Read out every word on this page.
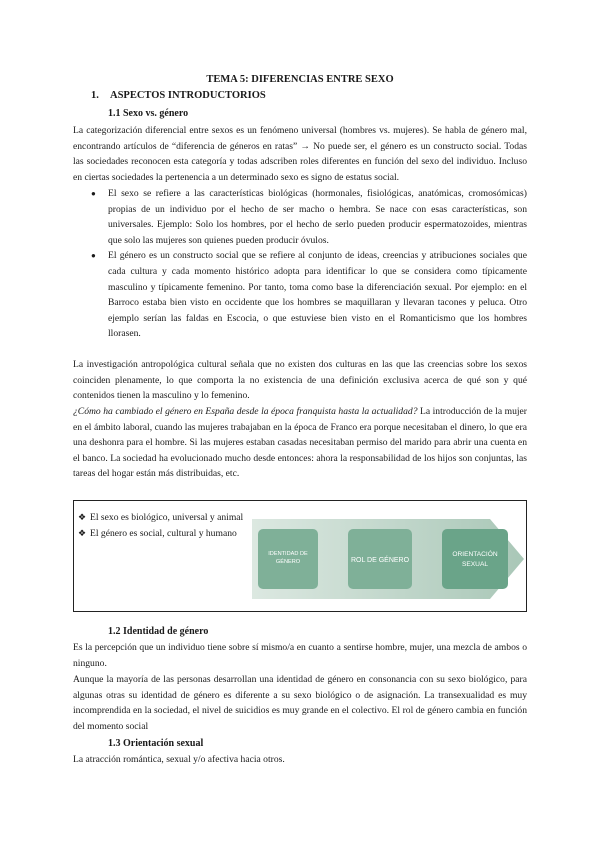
TEMA 5: DIFERENCIAS ENTRE SEXO
1. ASPECTOS INTRODUCTORIOS
1.1 Sexo vs. género
La categorización diferencial entre sexos es un fenómeno universal (hombres vs. mujeres). Se habla de género mal, encontrando artículos de “diferencia de géneros en ratas” → No puede ser, el género es un constructo social. Todas las sociedades reconocen esta categoría y todas adscriben roles diferentes en función del sexo del individuo. Incluso en ciertas sociedades la pertenencia a un determinado sexo es signo de estatus social.
● El sexo se refiere a las características biológicas (hormonales, fisiológicas, anatómicas, cromosómicas) propias de un individuo por el hecho de ser macho o hembra. Se nace con esas características, son universales. Ejemplo: Solo los hombres, por el hecho de serlo pueden producir espermatozoides, mientras que solo las mujeres son quienes pueden producir óvulos.
● El género es un constructo social que se refiere al conjunto de ideas, creencias y atribuciones sociales que cada cultura y cada momento histórico adopta para identificar lo que se considera como típicamente masculino y típicamente femenino. Por tanto, toma como base la diferenciación sexual. Por ejemplo: en el Barroco estaba bien visto en occidente que los hombres se maquillaran y llevaran tacones y peluca. Otro ejemplo serían las faldas en Escocia, o que estuviese bien visto en el Romanticismo que los hombres llorasen.
La investigación antropológica cultural señala que no existen dos culturas en las que las creencias sobre los sexos coinciden plenamente, lo que comporta la no existencia de una definición exclusiva acerca de qué son y qué contenidos tienen la masculino y lo femenino.
¿Cómo ha cambiado el género en España desde la época franquista hasta la actualidad? La introducción de la mujer en el ámbito laboral, cuando las mujeres trabajaban en la época de Franco era porque necesitaban el dinero, lo que era una deshonra para el hombre. Si las mujeres estaban casadas necesitaban permiso del marido para abrir una cuenta en el banco. La sociedad ha evolucionado mucho desde entonces: ahora la responsabilidad de los hijos son conjuntas, las tareas del hogar están más distribuidas, etc.
❖ El sexo es biológico, universal y animal
❖ El género es social, cultural y humano
IDENTIDAD DE
GÉNERO	ROL DE GÉNERO
ORIENTACIÓN
SEXUAL
1.2 Identidad de género
Es la percepción que un individuo tiene sobre sí mismo/a en cuanto a sentirse hombre, mujer, una mezcla de ambos o ninguno.
Aunque la mayoría de las personas desarrollan una identidad de género en consonancia con su sexo biológico, para algunas otras su identidad de género es diferente a su sexo biológico o de asignación. La transexualidad es muy incomprendida en la sociedad, el nivel de suicidios es muy grande en el colectivo. El rol de género cambia en función del momento social
1.3 Orientación sexual
La atracción romántica, sexual y/o afectiva hacia otros.
